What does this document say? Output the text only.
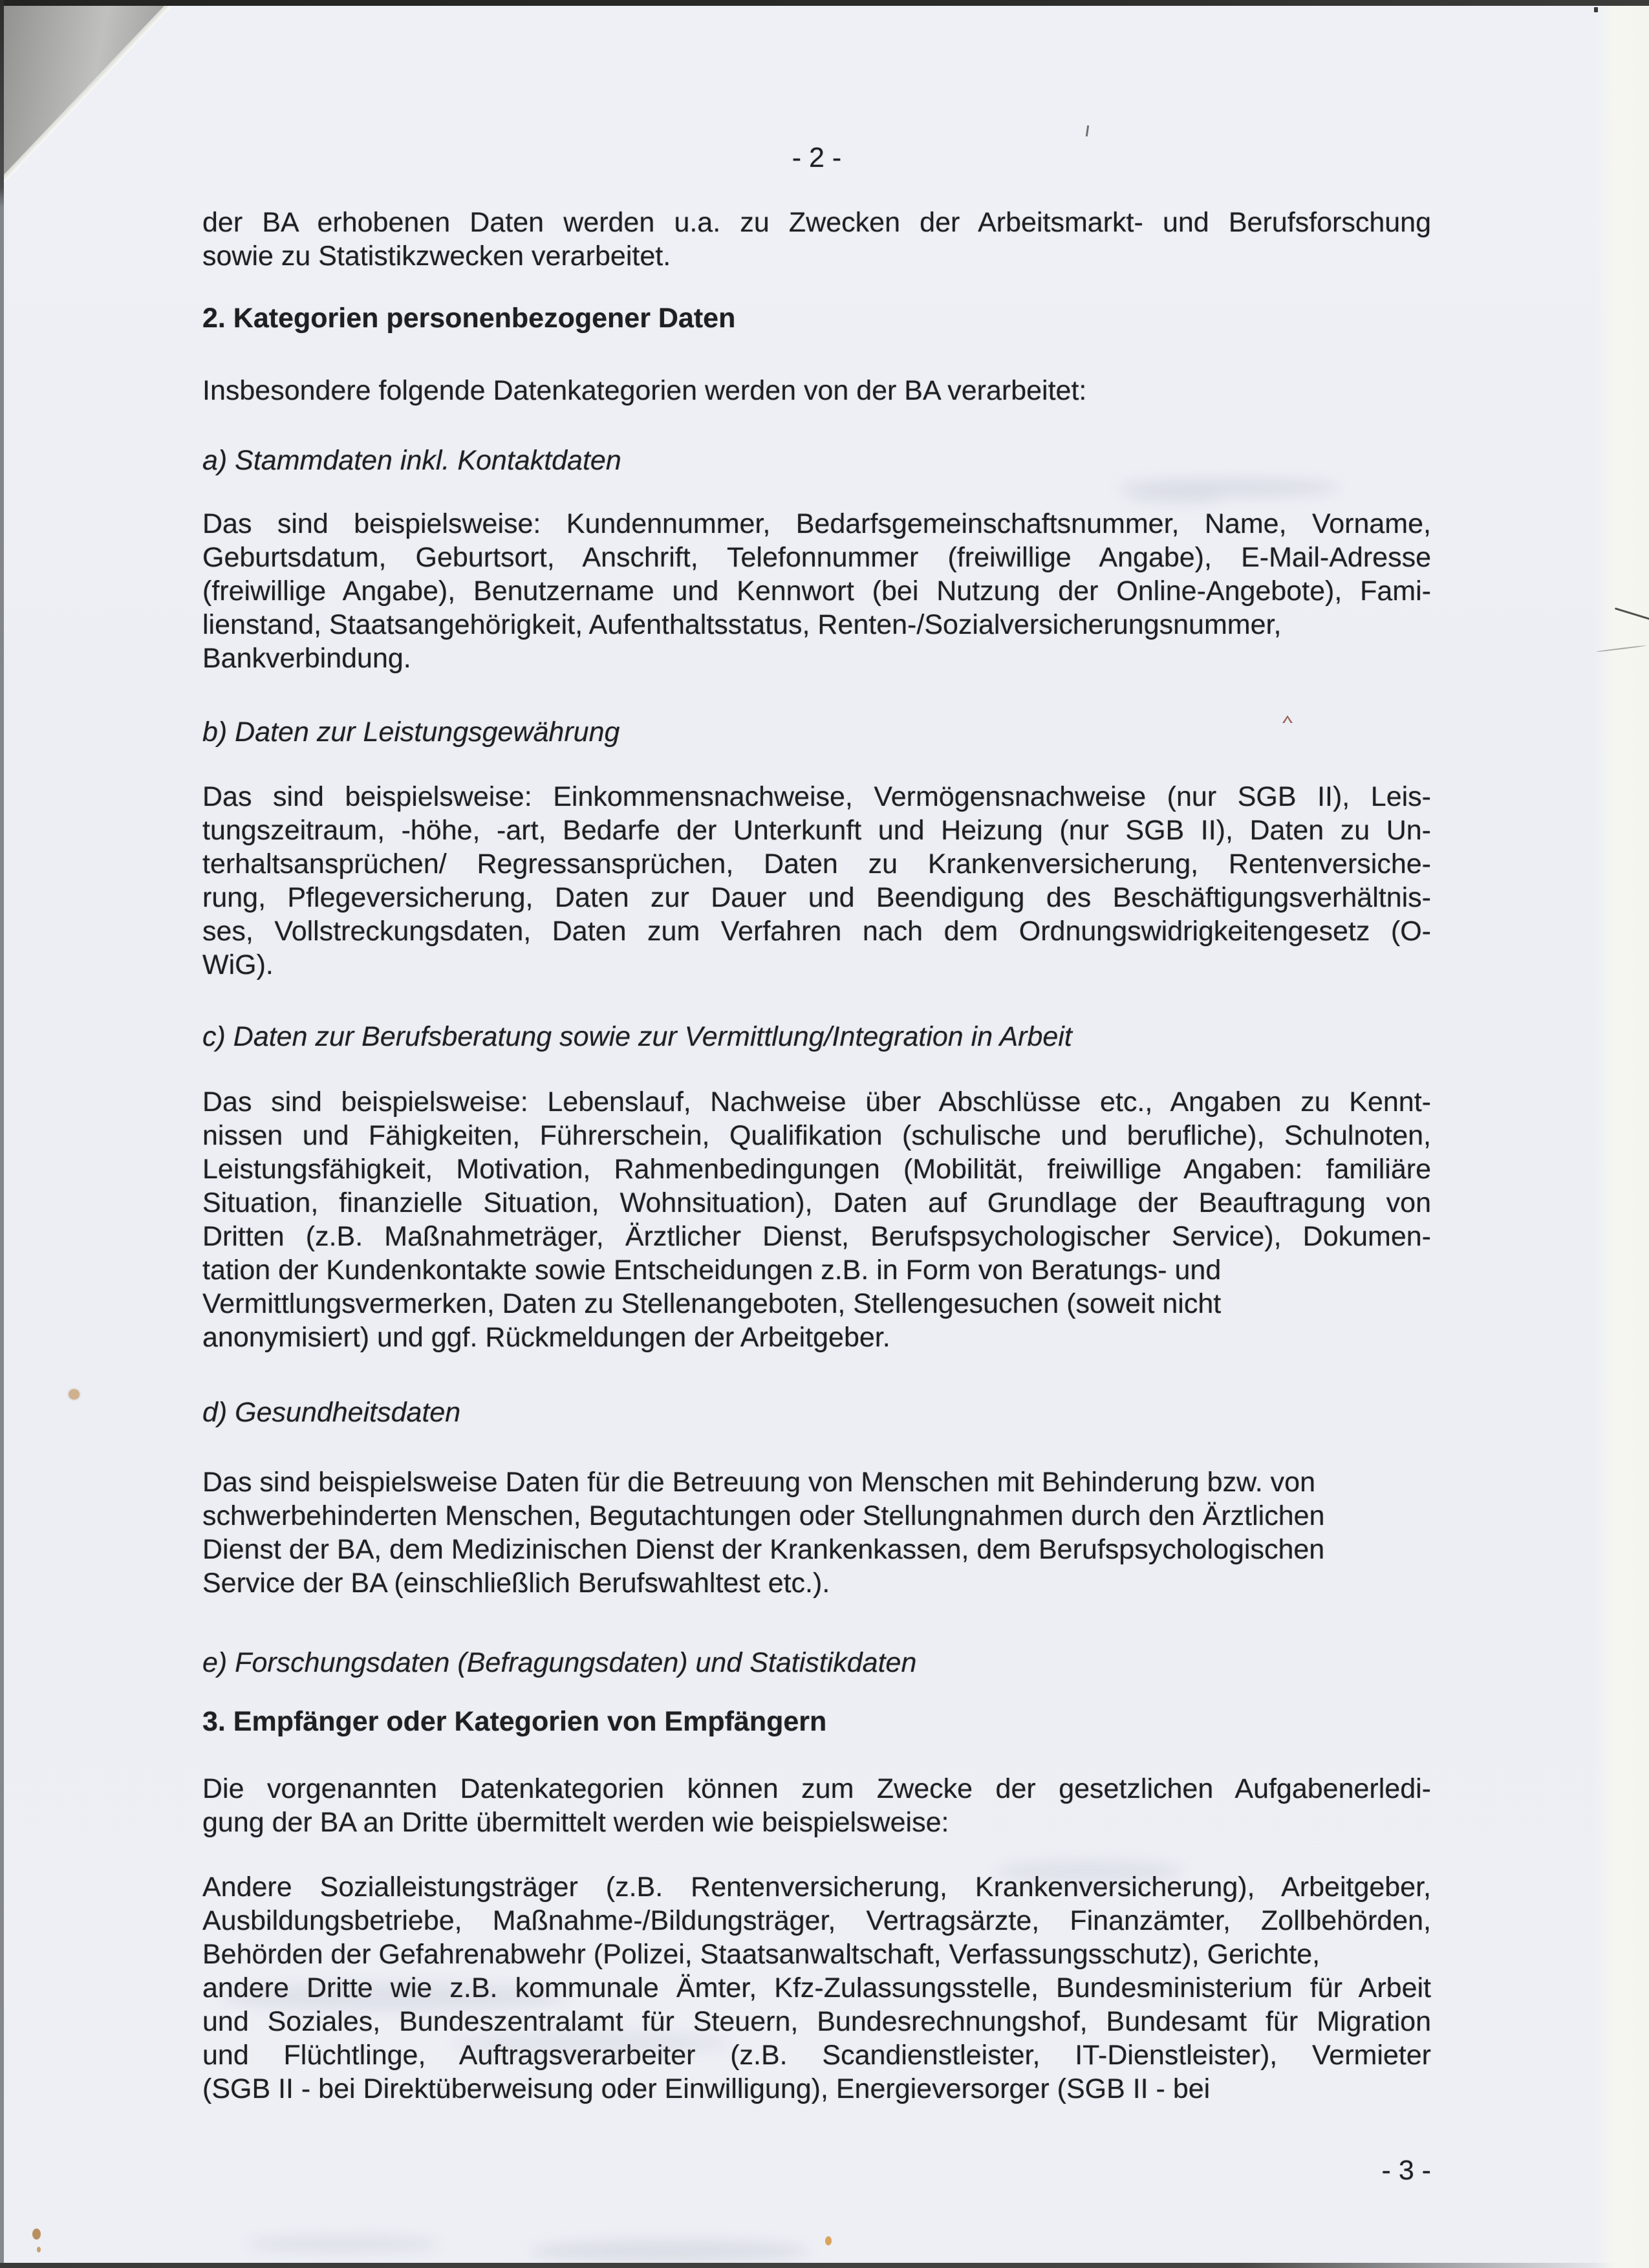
- 2 -
der BA erhobenen Daten werden u.a. zu Zwecken der Arbeitsmarkt- und Berufsforschung
sowie zu Statistikzwecken verarbeitet.
2. Kategorien personenbezogener Daten
Insbesondere folgende Datenkategorien werden von der BA verarbeitet:
a) Stammdaten inkl. Kontaktdaten
Das sind beispielsweise: Kundennummer, Bedarfsgemeinschaftsnummer, Name, Vorname,
Geburtsdatum, Geburtsort, Anschrift, Telefonnummer (freiwillige Angabe), E-Mail-Adresse
(freiwillige Angabe), Benutzername und Kennwort (bei Nutzung der Online-Angebote), Fami-
lienstand, Staatsangehörigkeit, Aufenthaltsstatus, Renten-/Sozialversicherungsnummer,
Bankverbindung.
b) Daten zur Leistungsgewährung
Das sind beispielsweise: Einkommensnachweise, Vermögensnachweise (nur SGB II), Leis-
tungszeitraum, -höhe, -art, Bedarfe der Unterkunft und Heizung (nur SGB II), Daten zu Un-
terhaltsansprüchen/ Regressansprüchen, Daten zu Krankenversicherung, Rentenversiche-
rung, Pflegeversicherung, Daten zur Dauer und Beendigung des Beschäftigungsverhältnis-
ses, Vollstreckungsdaten, Daten zum Verfahren nach dem Ordnungswidrigkeitengesetz (O-
WiG).
c) Daten zur Berufsberatung sowie zur Vermittlung/Integration in Arbeit
Das sind beispielsweise: Lebenslauf, Nachweise über Abschlüsse etc., Angaben zu Kennt-
nissen und Fähigkeiten, Führerschein, Qualifikation (schulische und berufliche), Schulnoten,
Leistungsfähigkeit, Motivation, Rahmenbedingungen (Mobilität, freiwillige Angaben: familiäre
Situation, finanzielle Situation, Wohnsituation), Daten auf Grundlage der Beauftragung von
Dritten (z.B. Maßnahmeträger, Ärztlicher Dienst, Berufspsychologischer Service), Dokumen-
tation der Kundenkontakte sowie Entscheidungen z.B. in Form von Beratungs- und
Vermittlungsvermerken, Daten zu Stellenangeboten, Stellengesuchen (soweit nicht
anonymisiert) und ggf. Rückmeldungen der Arbeitgeber.
d) Gesundheitsdaten
Das sind beispielsweise Daten für die Betreuung von Menschen mit Behinderung bzw. von
schwerbehinderten Menschen, Begutachtungen oder Stellungnahmen durch den Ärztlichen
Dienst der BA, dem Medizinischen Dienst der Krankenkassen, dem Berufspsychologischen
Service der BA (einschließlich Berufswahltest etc.).
e) Forschungsdaten (Befragungsdaten) und Statistikdaten
3. Empfänger oder Kategorien von Empfängern
Die vorgenannten Datenkategorien können zum Zwecke der gesetzlichen Aufgabenerledi-
gung der BA an Dritte übermittelt werden wie beispielsweise:
Andere Sozialleistungsträger (z.B. Rentenversicherung, Krankenversicherung), Arbeitgeber,
Ausbildungsbetriebe, Maßnahme-/Bildungsträger, Vertragsärzte, Finanzämter, Zollbehörden,
Behörden der Gefahrenabwehr (Polizei, Staatsanwaltschaft, Verfassungsschutz), Gerichte,
andere Dritte wie z.B. kommunale Ämter, Kfz-Zulassungsstelle, Bundesministerium für Arbeit
und Soziales, Bundeszentralamt für Steuern, Bundesrechnungshof, Bundesamt für Migration
und Flüchtlinge, Auftragsverarbeiter (z.B. Scandienstleister, IT-Dienstleister), Vermieter
(SGB II - bei Direktüberweisung oder Einwilligung), Energieversorger (SGB II - bei
- 3 -
